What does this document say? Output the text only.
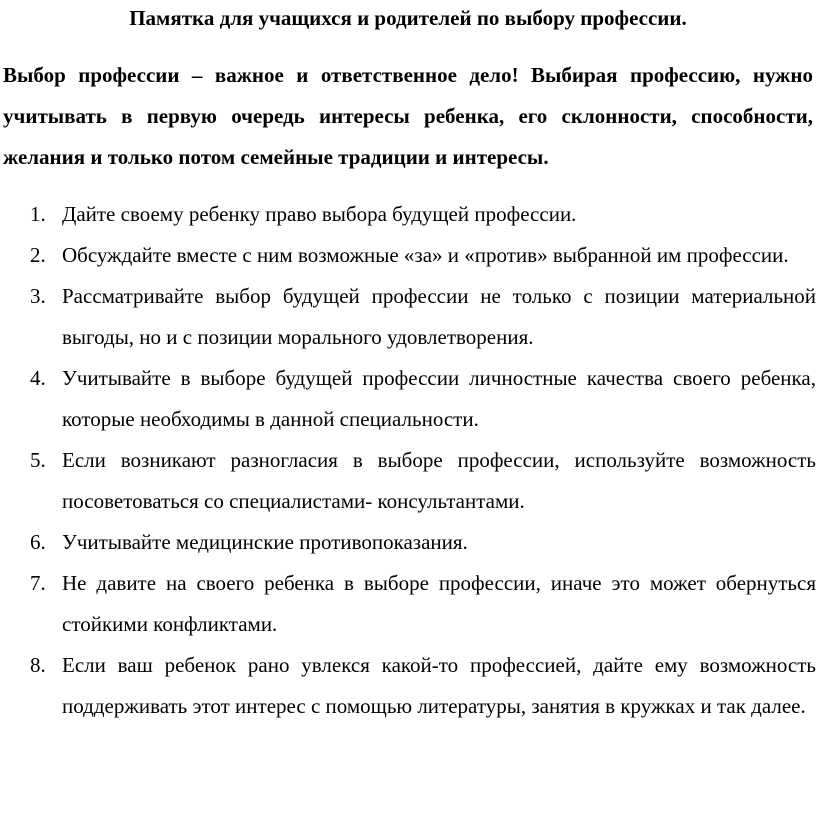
Памятка для учащихся и родителей по выбору профессии.
Выбор профессии – важное и ответственное дело! Выбирая профессию, нужно учитывать в первую очередь интересы ребенка, его склонности, способности, желания и только потом семейные традиции и интересы.
1. Дайте своему ребенку право выбора будущей профессии.
2. Обсуждайте вместе с ним возможные «за» и «против» выбранной им профессии.
3. Рассматривайте выбор будущей профессии не только с позиции материальной выгоды, но и с позиции морального удовлетворения.
4. Учитывайте в выборе будущей профессии личностные качества своего ребенка, которые необходимы в данной специальности.
5. Если возникают разногласия в выборе профессии, используйте возможность посоветоваться со специалистами- консультантами.
6. Учитывайте медицинские противопоказания.
7. Не давите на своего ребенка в выборе профессии, иначе это может обернуться стойкими конфликтами.
8. Если ваш ребенок рано увлекся какой-то профессией, дайте ему возможность поддерживать этот интерес с помощью литературы, занятия в кружках и так далее.
